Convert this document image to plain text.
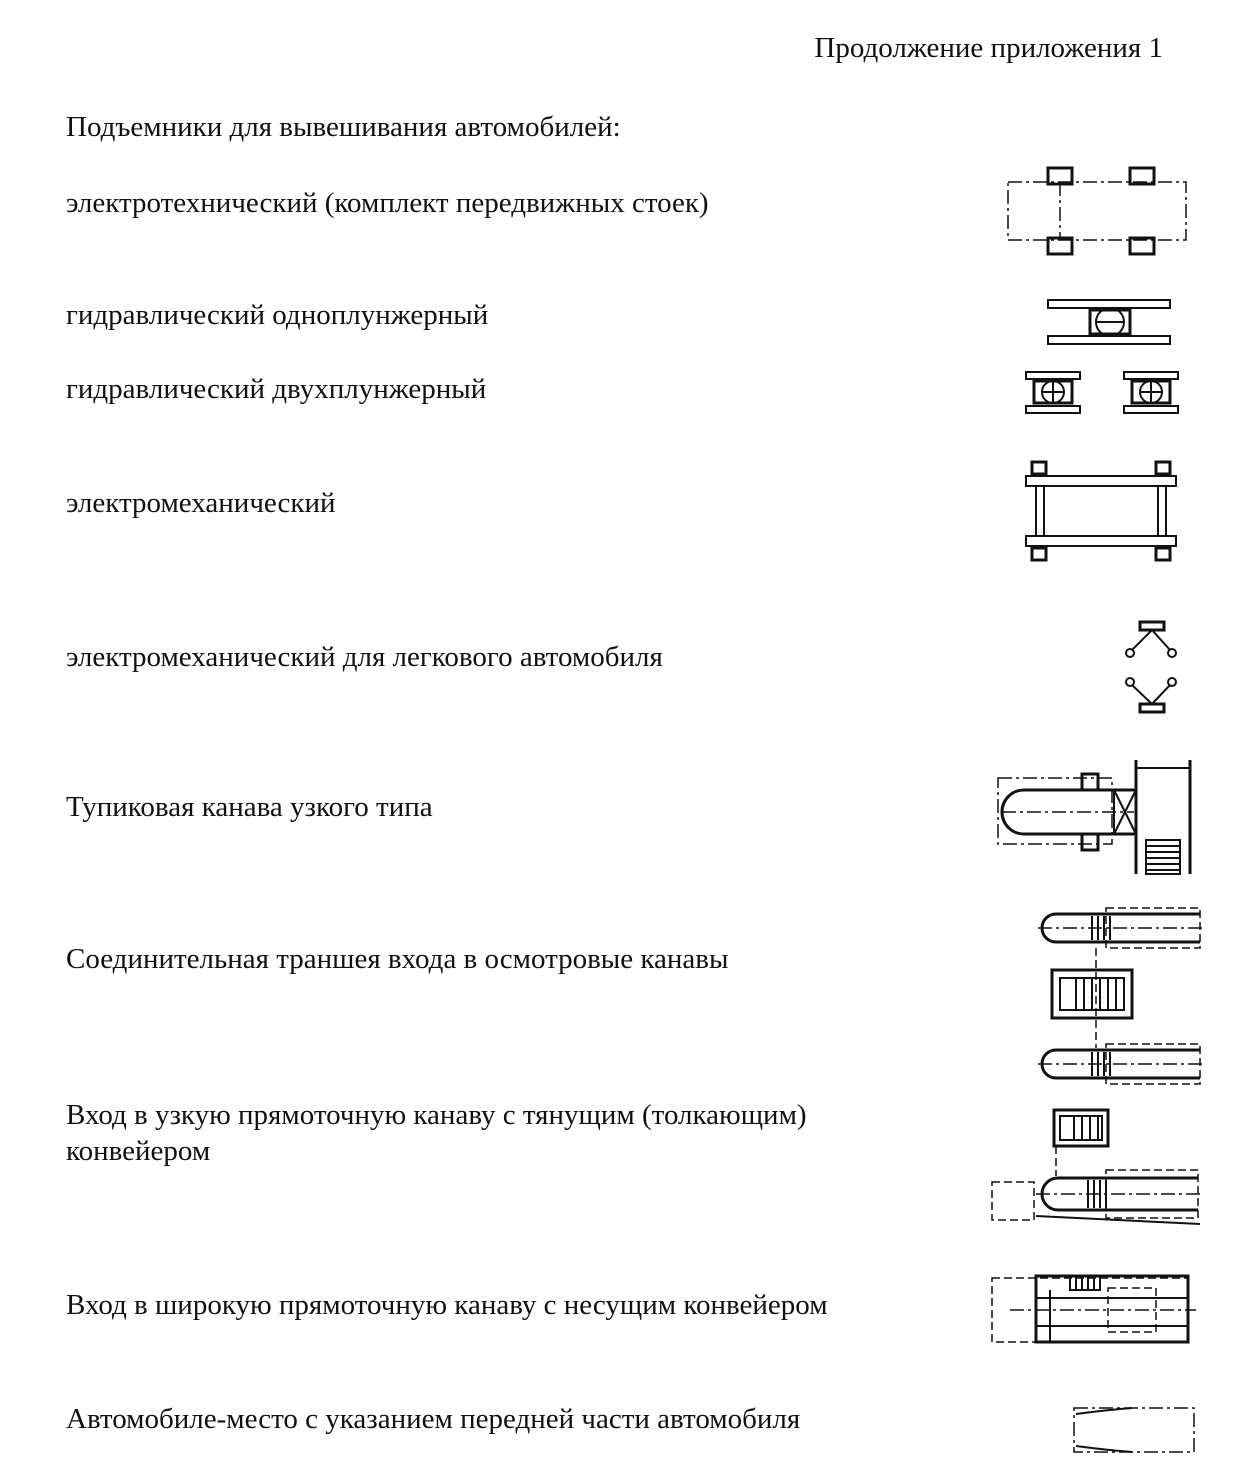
Продолжение приложения 1
Подъемники для вывешивания автомобилей:
электротехнический (комплект передвижных стоек)
гидравлический одноплунжерный
гидравлический двухплунжерный
электромеханический
электромеханический для легкового автомобиля
Тупиковая канава узкого типа
Соединительная траншея входа в осмотровые канавы
Вход в узкую прямоточную канаву с тянущим (толкающим)
конвейером
Вход в широкую прямоточную канаву с несущим конвейером
Автомобиле-место с указанием передней части автомобиля
